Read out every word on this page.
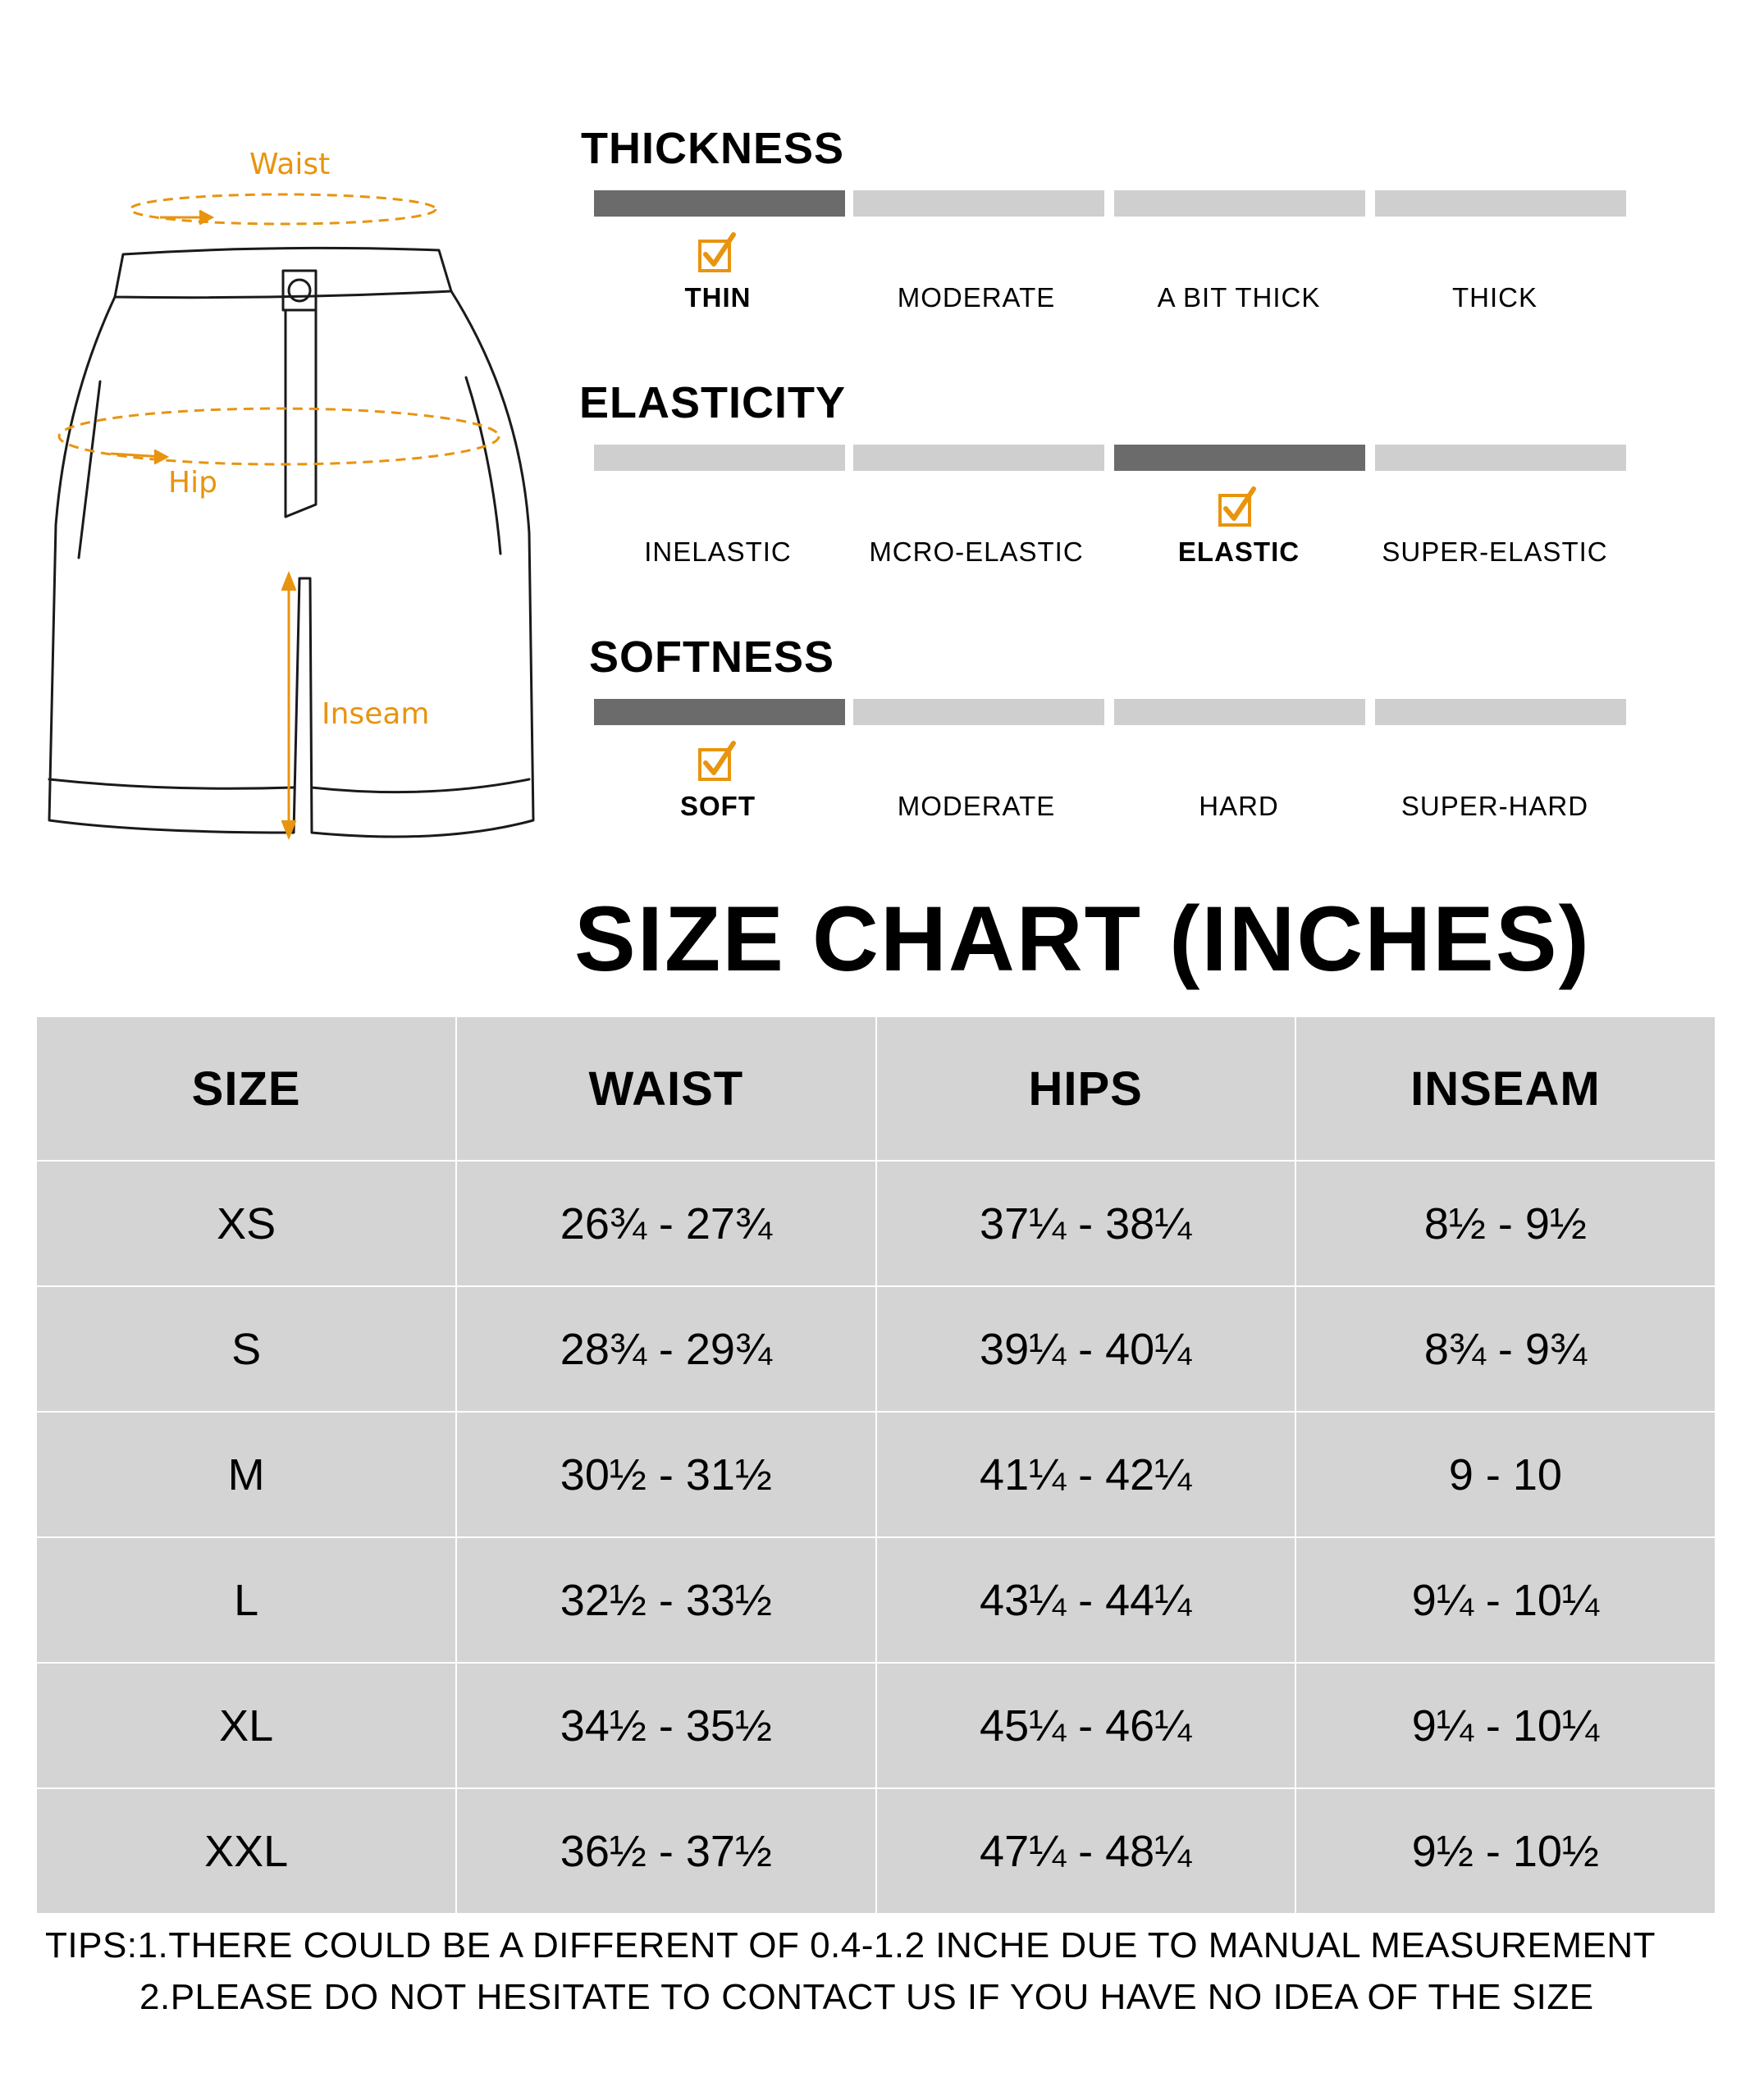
Waist
Hip
Inseam
THICKNESS
THIN	MODERATE	A BIT THICK	THICK
ELASTICITY
INELASTIC	MCRO-ELASTIC	ELASTIC	SUPER-ELASTIC
SOFTNESS
SOFT	MODERATE	HARD	SUPER-HARD
SIZE CHART (INCHES)
SIZE	WAIST	HIPS	INSEAM
XS	26¾ - 27¾	37¼ - 38¼	8½ - 9½
S	28¾ - 29¾	39¼ - 40¼	8¾ - 9¾
M	30½ - 31½	41¼ - 42¼	9 - 10
L	32½ - 33½	43¼ - 44¼	9¼ - 10¼
XL	34½ - 35½	45¼ - 46¼	9¼ - 10¼
XXL	36½ - 37½	47¼ - 48¼	9½ - 10½
TIPS:1.THERE COULD BE A DIFFERENT OF 0.4-1.2 INCHE DUE TO MANUAL MEASUREMENT
2.PLEASE DO NOT HESITATE TO CONTACT US IF YOU HAVE NO IDEA OF THE SIZE
